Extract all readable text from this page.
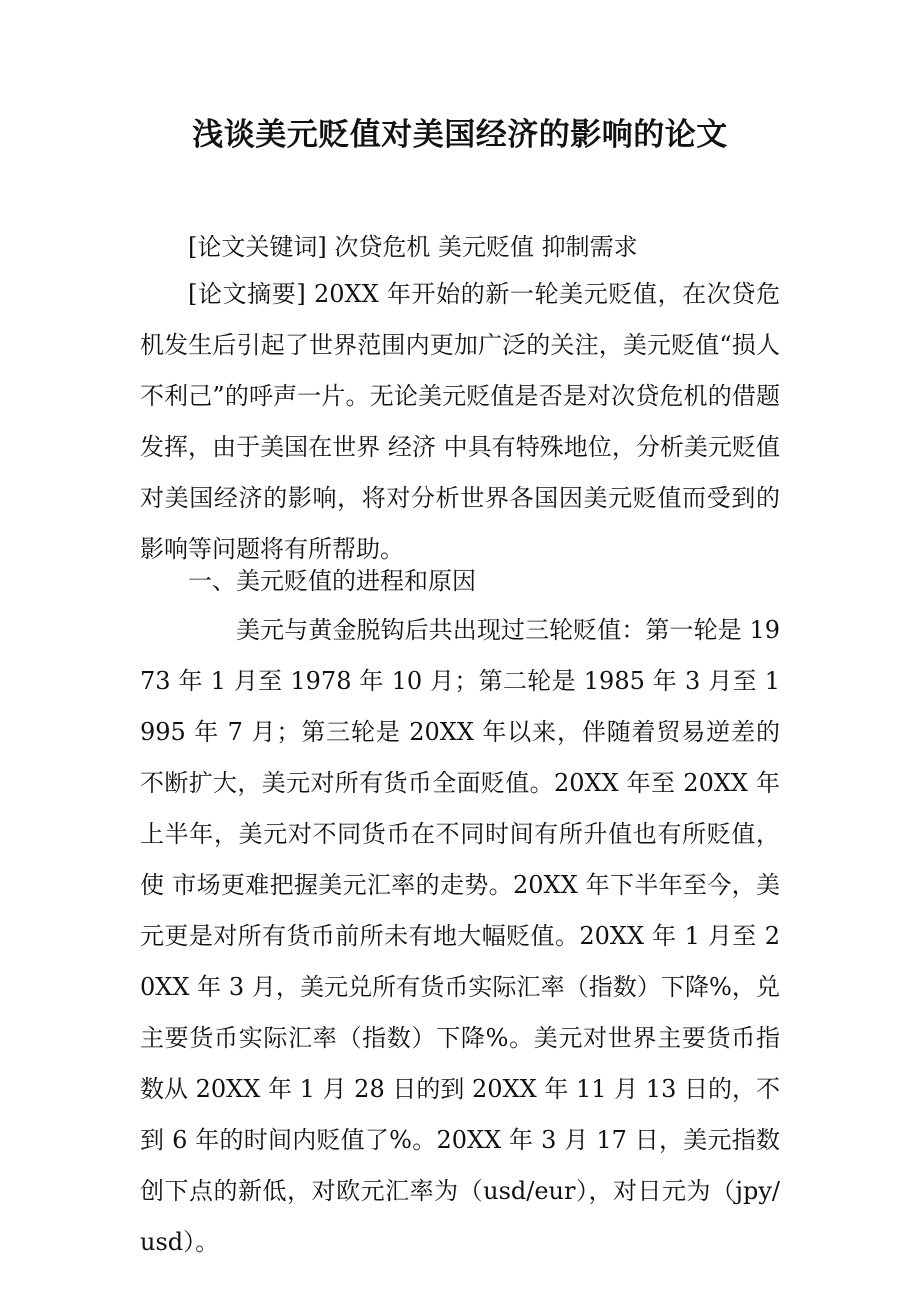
浅谈美元贬值对美国经济的影响的论文

[论文关键词] 次贷危机 美元贬值 抑制需求

[论文摘要] 20XX 年开始的新一轮美元贬值，在次贷危机发生后引起了世界范围内更加广泛的关注，美元贬值“损人不利己”的呼声一片。无论美元贬值是否是对次贷危机的借题发挥，由于美国在世界 经济 中具有特殊地位，分析美元贬值对美国经济的影响，将对分析世界各国因美元贬值而受到的影响等问题将有所帮助。

一、美元贬值的进程和原因

美元与黄金脱钩后共出现过三轮贬值：第一轮是 1973 年 1 月至 1978 年 10 月；第二轮是 1985 年 3 月至 1995 年 7 月；第三轮是 20XX 年以来，伴随着贸易逆差的不断扩大，美元对所有货币全面贬值。20XX 年至 20XX 年上半年，美元对不同货币在不同时间有所升值也有所贬值，使 市场更难把握美元汇率的走势。20XX 年下半年至今，美元更是对所有货币前所未有地大幅贬值。20XX 年 1 月至 20XX 年 3 月，美元兑所有货币实际汇率（指数）下降%，兑主要货币实际汇率（指数）下降%。美元对世界主要货币指数从 20XX 年 1 月 28 日的到 20XX 年 11 月 13 日的，不到 6 年的时间内贬值了%。20XX 年 3 月 17 日，美元指数创下点的新低，对欧元汇率为（usd/eur），对日元为（jpy/usd）。
